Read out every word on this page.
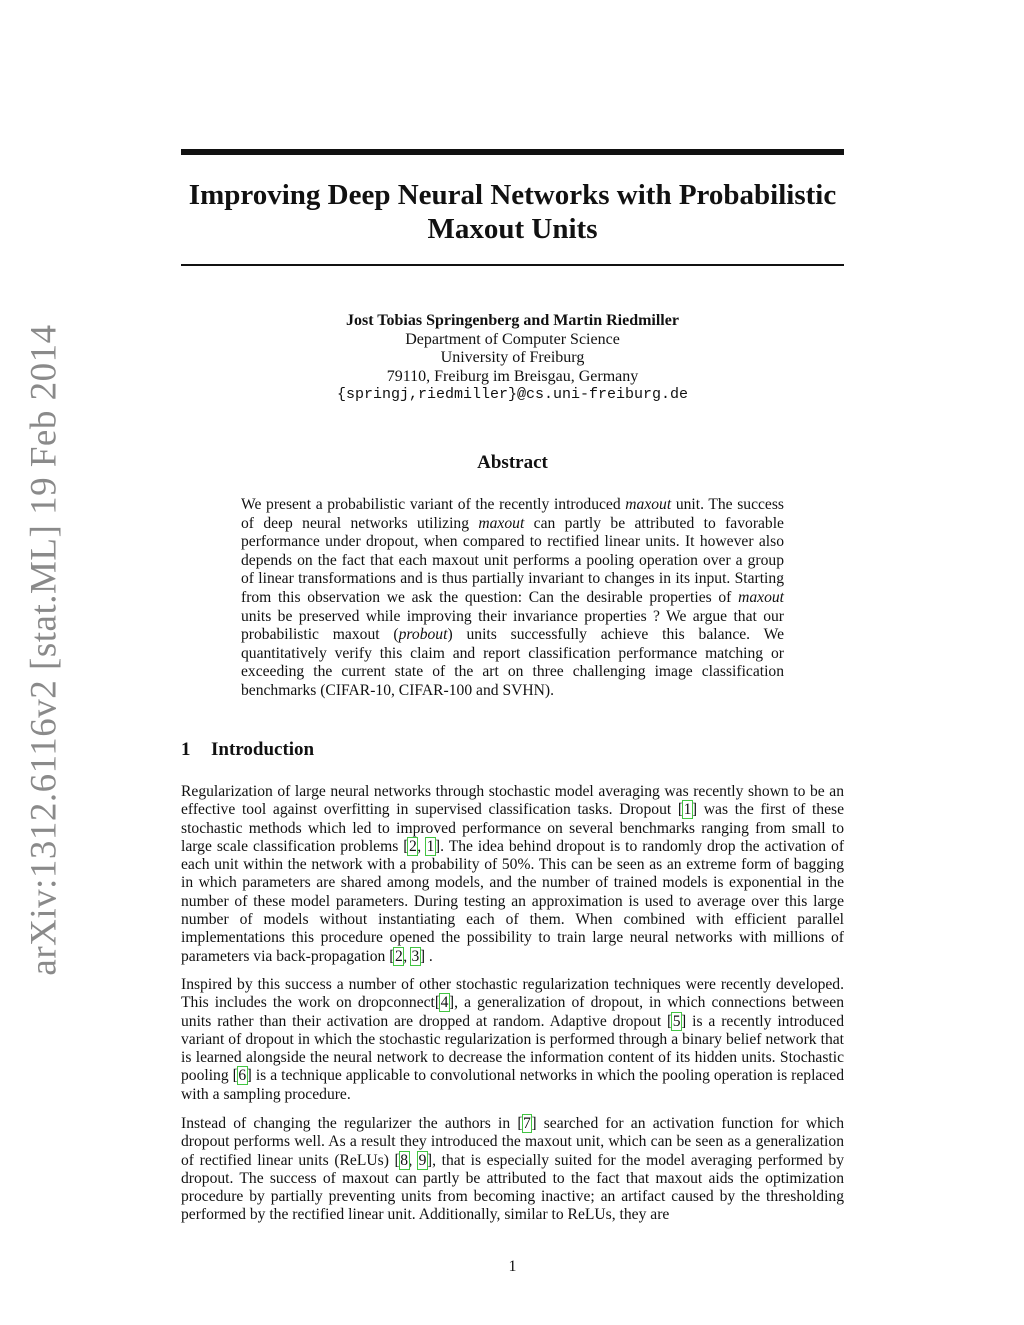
arXiv:1312.6116v2 [stat.ML] 19 Feb 2014
Improving Deep Neural Networks with Probabilistic
Maxout Units
Jost Tobias Springenberg and Martin Riedmiller
Department of Computer Science
University of Freiburg
79110, Freiburg im Breisgau, Germany
{springj,riedmiller}@cs.uni-freiburg.de
Abstract
We present a probabilistic variant of the recently introduced maxout unit. The success of deep neural networks utilizing maxout can partly be attributed to favorable performance under dropout, when compared to rectified linear units. It however also depends on the fact that each maxout unit performs a pooling operation over a group of linear transformations and is thus partially invariant to changes in its input. Starting from this observation we ask the question: Can the desirable properties of maxout units be preserved while improving their invariance properties ? We argue that our probabilistic maxout (probout) units successfully achieve this balance. We quantitatively verify this claim and report classification performance matching or exceeding the current state of the art on three challenging image classification benchmarks (CIFAR-10, CIFAR-100 and SVHN).
1 Introduction
Regularization of large neural networks through stochastic model averaging was recently shown to be an effective tool against overfitting in supervised classification tasks. Dropout [1] was the first of these stochastic methods which led to improved performance on several benchmarks ranging from small to large scale classification problems [2, 1]. The idea behind dropout is to randomly drop the activation of each unit within the network with a probability of 50%. This can be seen as an extreme form of bagging in which parameters are shared among models, and the number of trained models is exponential in the number of these model parameters. During testing an approximation is used to average over this large number of models without instantiating each of them. When combined with efficient parallel implementations this procedure opened the possibility to train large neural networks with millions of parameters via back-propagation [2, 3] .
Inspired by this success a number of other stochastic regularization techniques were recently developed. This includes the work on dropconnect[4], a generalization of dropout, in which connections between units rather than their activation are dropped at random. Adaptive dropout [5] is a recently introduced variant of dropout in which the stochastic regularization is performed through a binary belief network that is learned alongside the neural network to decrease the information content of its hidden units. Stochastic pooling [6] is a technique applicable to convolutional networks in which the pooling operation is replaced with a sampling procedure.
Instead of changing the regularizer the authors in [7] searched for an activation function for which dropout performs well. As a result they introduced the maxout unit, which can be seen as a generalization of rectified linear units (ReLUs) [8, 9], that is especially suited for the model averaging performed by dropout. The success of maxout can partly be attributed to the fact that maxout aids the optimization procedure by partially preventing units from becoming inactive; an artifact caused by the thresholding performed by the rectified linear unit. Additionally, similar to ReLUs, they are
1
